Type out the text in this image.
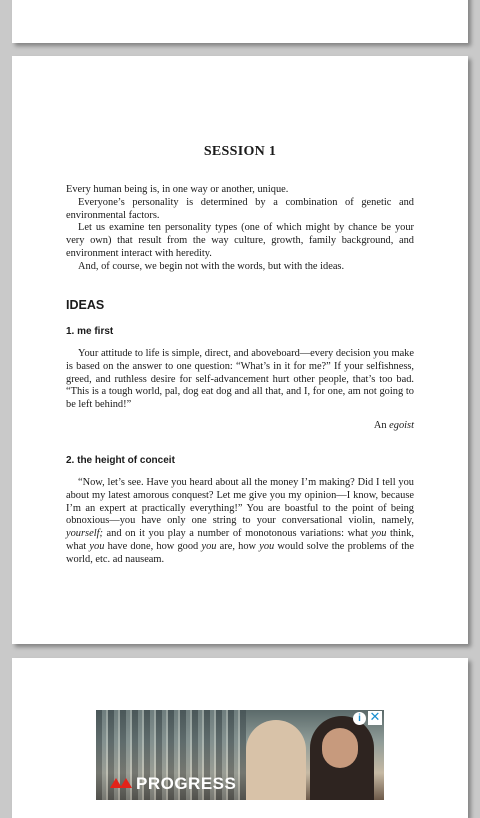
SESSION 1

Every human being is, in one way or another, unique.

Everyone’s personality is determined by a combination of genetic and environmental factors.

Let us examine ten personality types (one of which might by chance be your very own) that result from the way culture, growth, family background, and environment interact with heredity.

And, of course, we begin not with the words, but with the ideas.

IDEAS
1. me first

Your attitude to life is simple, direct, and aboveboard—every decision you make is based on the answer to one question: “What’s in it for me?” If your selfishness, greed, and ruthless desire for self-advancement hurt other people, that’s too bad. “This is a tough world, pal, dog eat dog and all that, and I, for one, am not going to be left behind!”

An egoist
2. the height of conceit

“Now, let’s see. Have you heard about all the money I’m making? Did I tell you about my latest amorous conquest? Let me give you my opinion—I know, because I’m an expert at practically everything!” You are boastful to the point of being obnoxious—you have only one string to your conversational violin, namely, yourself; and on it you play a number of monotonous variations: what you think, what you have done, how good you are, how you would solve the problems of the world, etc. ad nauseam.

PROGRESS
i ✕
